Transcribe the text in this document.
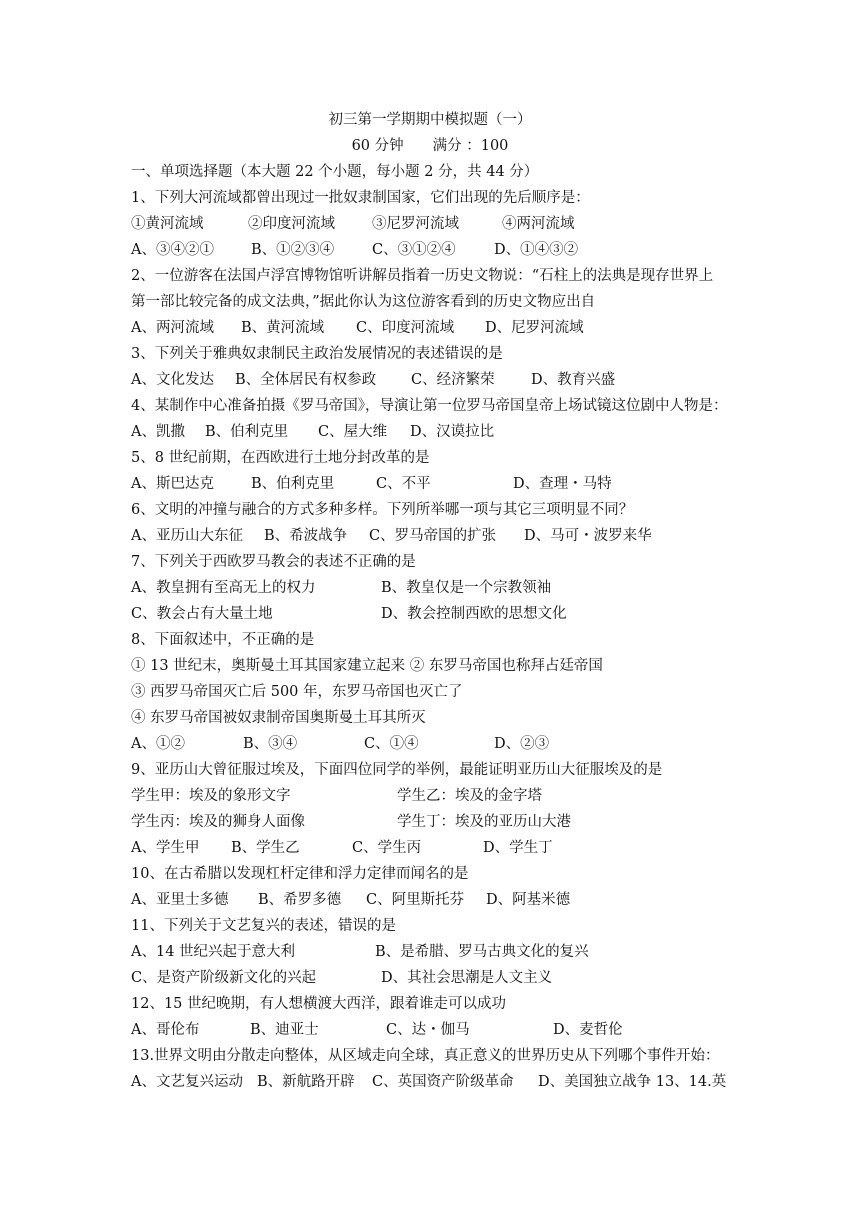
初三第一学期期中模拟题（一）
60 分钟　　满分 ：100
一、单项选择题（本大题 22 个小题，每小题 2 分，共 44 分）
1、下列大河流域都曾出现过一批奴隶制国家，它们出现的先后顺序是：

①黄河流域

	②印度河流域

	③尼罗河流域

	④两河流域

A、③④②①

	B、①②③④

	C、③①②④

	D、①④③②

2、一位游客在法国卢浮宫博物馆听讲解员指着一历史文物说：“石柱上的法典是现存世界上
第一部比较完备的成文法典，”据此你认为这位游客看到的历史文物应出自

A、两河流域

B、黄河流域

C、印度河流域

D、尼罗河流域

3、下列关于雅典奴隶制民主政治发展情况的表述错误的是

A、文化发达

B、全体居民有权参政

C、经济繁荣

	D、教育兴盛

4、某制作中心准备拍摄《罗马帝国》，导演让第一位罗马帝国皇帝上场试镜这位剧中人物是：

A、凯撒

B、伯利克里

C、屋大维

D、汉谟拉比

5、8 世纪前期，在西欧进行土地分封改革的是

A、斯巴达克

	B、伯利克里

	C、不平

	D、查理・马特

6、文明的冲撞与融合的方式多种多样。下列所举哪一项与其它三项明显不同？

A、亚历山大东征

B、希波战争

C、罗马帝国的扩张

D、马可・波罗来华

7、下列关于西欧罗马教会的表述不正确的是

A、教皇拥有至高无上的权力

	B、教皇仅是一个宗教领袖

C、教会占有大量土地

	D、教会控制西欧的思想文化

8、下面叙述中，不正确的是
① 13 世纪末，奥斯曼土耳其国家建立起来 ② 东罗马帝国也称拜占廷帝国
③ 西罗马帝国灭亡后 500 年，东罗马帝国也灭亡了
④ 东罗马帝国被奴隶制帝国奥斯曼土耳其所灭

A、①②

	B、③④

	C、①④

	D、②③

9、亚历山大曾征服过埃及，下面四位同学的举例，最能证明亚历山大征服埃及的是

学生甲：埃及的象形文字

	学生乙：埃及的金字塔

学生丙：埃及的狮身人面像

	学生丁：埃及的亚历山大港

A、学生甲

B、学生乙

	C、学生丙

	D、学生丁

10、在古希腊以发现杠杆定律和浮力定律而闻名的是

A、亚里士多德

B、希罗多德

C、阿里斯托芬

D、阿基米德

11、下列关于文艺复兴的表述，错误的是

A、14 世纪兴起于意大利

	B、是希腊、罗马古典文化的复兴

C、是资产阶级新文化的兴起

	D、其社会思潮是人文主义

12、15 世纪晚期，有人想横渡大西洋，跟着谁走可以成功

A、哥伦布

	B、迪亚士

	C、达・伽马

	D、麦哲伦

13.世界文明由分散走向整体，从区域走向全球，真正意义的世界历史从下列哪个事件开始：

A、文艺复兴运动

B、新航路开辟

C、英国资产阶级革命

D、美国独立战争 13、14.英
